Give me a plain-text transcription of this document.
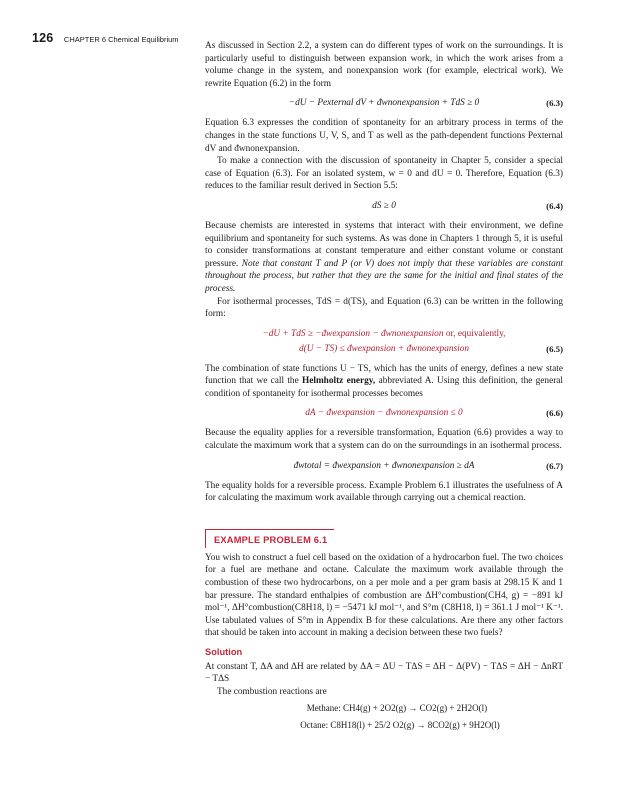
126 CHAPTER 6 Chemical Equilibrium

As discussed in Section 2.2, a system can do different types of work on the surroundings. It is particularly useful to distinguish between expansion work, in which the work arises from a volume change in the system, and nonexpansion work (for example, electrical work). We rewrite Equation (6.2) in the form

−dU − Pexternal dV + đwnonexpansion + TdS ≥ 0	(6.3)

Equation 6.3 expresses the condition of spontaneity for an arbitrary process in terms of the changes in the state functions U, V, S, and T as well as the path-dependent functions Pexternal dV and đwnonexpansion.

To make a connection with the discussion of spontaneity in Chapter 5, consider a special case of Equation (6.3). For an isolated system, w = 0 and dU = 0. Therefore, Equation (6.3) reduces to the familiar result derived in Section 5.5:

dS ≥ 0	(6.4)

Because chemists are interested in systems that interact with their environment, we define equilibrium and spontaneity for such systems. As was done in Chapters 1 through 5, it is useful to consider transformations at constant temperature and either constant volume or constant pressure. Note that constant T and P (or V) does not imply that these variables are constant throughout the process, but rather that they are the same for the initial and final states of the process.

For isothermal processes, TdS = d(TS), and Equation (6.3) can be written in the following form:

−dU + TdS ≥ −đwexpansion − đwnonexpansion or, equivalently,
d(U − TS) ≤ đwexpansion + đwnonexpansion	(6.5)

The combination of state functions U − TS, which has the units of energy, defines a new state function that we call the Helmholtz energy, abbreviated A. Using this definition, the general condition of spontaneity for isothermal processes becomes

dA − đwexpansion − đwnonexpansion ≤ 0	(6.6)

Because the equality applies for a reversible transformation, Equation (6.6) provides a way to calculate the maximum work that a system can do on the surroundings in an isothermal process.

đwtotal = đwexpansion + đwnonexpansion ≥ dA	(6.7)

The equality holds for a reversible process. Example Problem 6.1 illustrates the usefulness of A for calculating the maximum work available through carrying out a chemical reaction.

EXAMPLE PROBLEM 6.1

You wish to construct a fuel cell based on the oxidation of a hydrocarbon fuel. The two choices for a fuel are methane and octane. Calculate the maximum work available through the combustion of these two hydrocarbons, on a per mole and a per gram basis at 298.15 K and 1 bar pressure. The standard enthalpies of combustion are ΔH°combustion(CH4, g) = −891 kJ mol⁻¹, ΔH°combustion(C8H18, l) = −5471 kJ mol⁻¹, and S°m (C8H18, l) = 361.1 J mol⁻¹ K⁻¹. Use tabulated values of S°m in Appendix B for these calculations. Are there any other factors that should be taken into account in making a decision between these two fuels?

Solution

At constant T, ΔA and ΔH are related by ΔA = ΔU − TΔS = ΔH − Δ(PV) − TΔS = ΔH − ΔnRT − TΔS

The combustion reactions are

Methane: CH4(g) + 2O2(g) → CO2(g) + 2H2O(l)
Octane: C8H18(l) + 25/2 O2(g) → 8CO2(g) + 9H2O(l)
